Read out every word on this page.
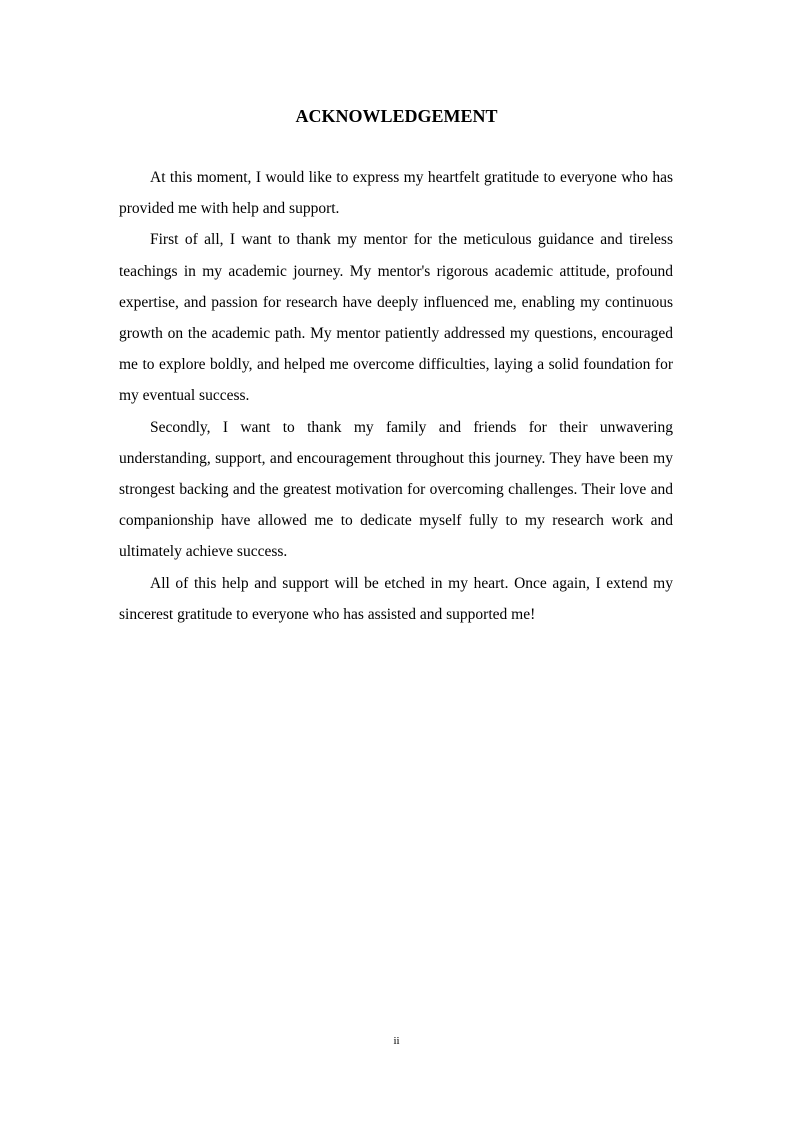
ACKNOWLEDGEMENT

At this moment, I would like to express my heartfelt gratitude to everyone who has provided me with help and support.

First of all, I want to thank my mentor for the meticulous guidance and tireless teachings in my academic journey. My mentor's rigorous academic attitude, profound expertise, and passion for research have deeply influenced me, enabling my continuous growth on the academic path. My mentor patiently addressed my questions, encouraged me to explore boldly, and helped me overcome difficulties, laying a solid foundation for my eventual success.

Secondly, I want to thank my family and friends for their unwavering understanding, support, and encouragement throughout this journey. They have been my strongest backing and the greatest motivation for overcoming challenges. Their love and companionship have allowed me to dedicate myself fully to my research work and ultimately achieve success.

All of this help and support will be etched in my heart. Once again, I extend my sincerest gratitude to everyone who has assisted and supported me!

ii
